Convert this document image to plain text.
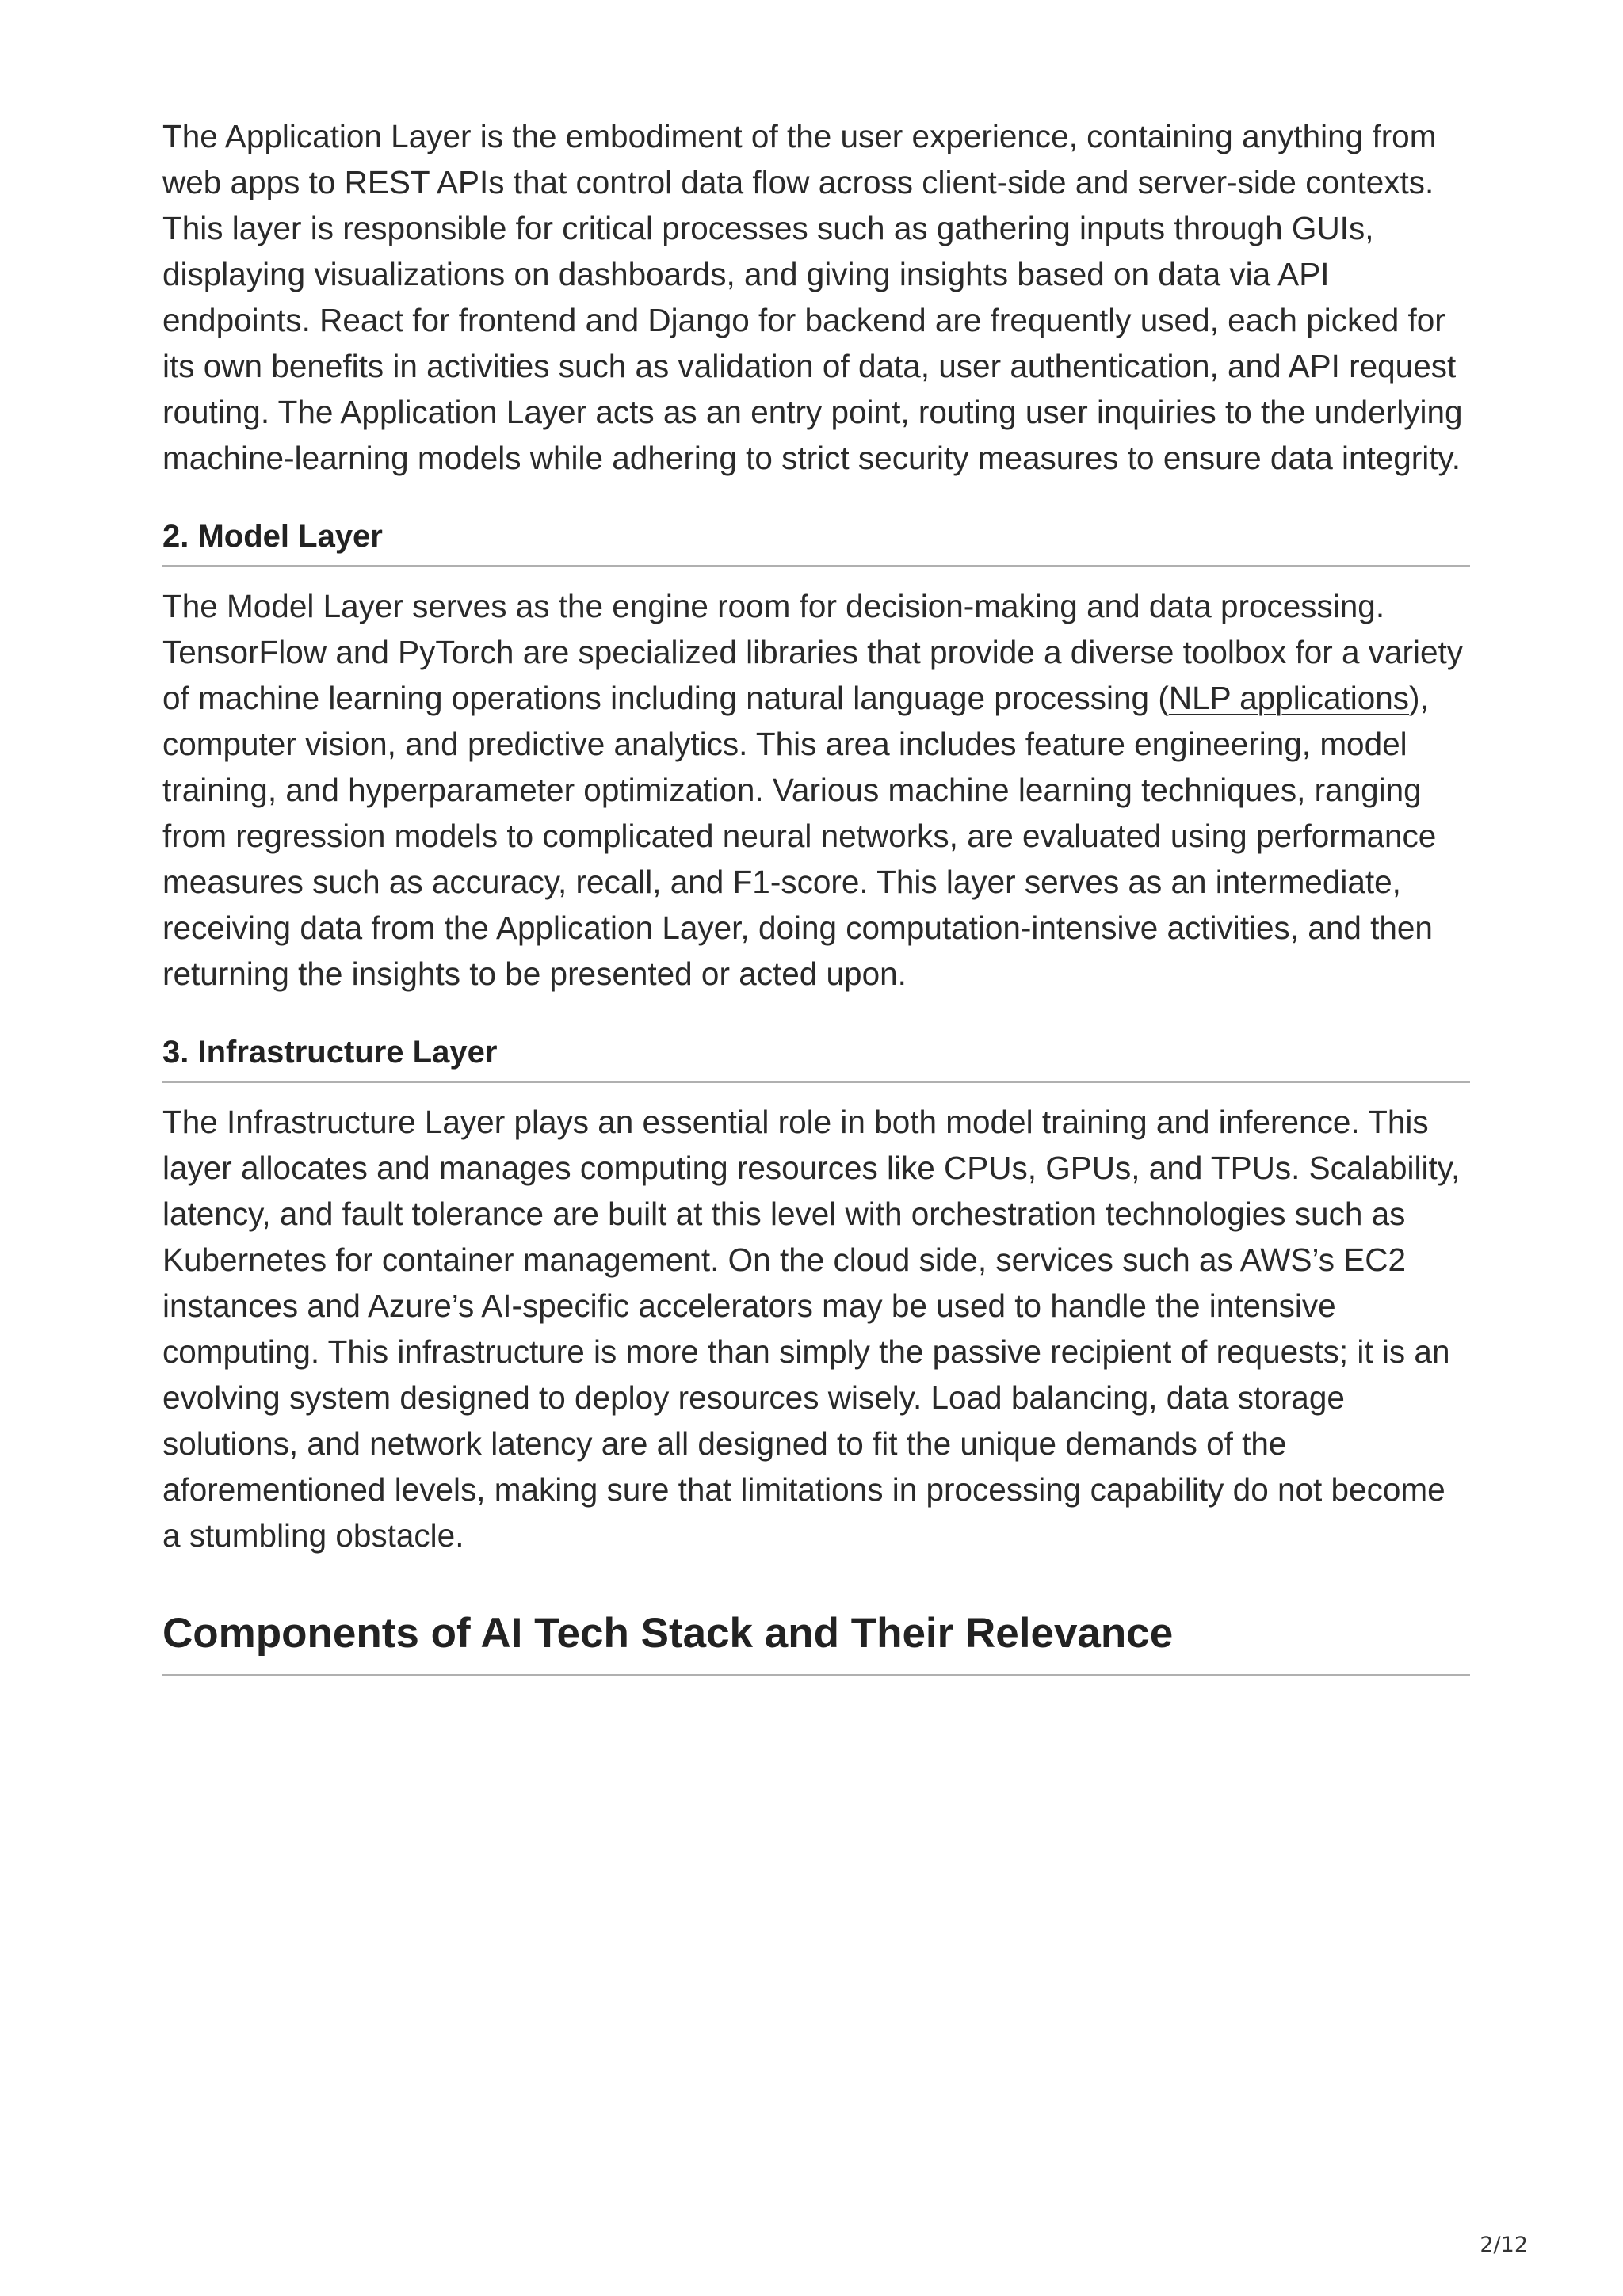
The Application Layer is the embodiment of the user experience, containing anything from web apps to REST APIs that control data flow across client-side and server-side contexts. This layer is responsible for critical processes such as gathering inputs through GUIs, displaying visualizations on dashboards, and giving insights based on data via API endpoints. React for frontend and Django for backend are frequently used, each picked for its own benefits in activities such as validation of data, user authentication, and API request routing. The Application Layer acts as an entry point, routing user inquiries to the underlying machine-learning models while adhering to strict security measures to ensure data integrity.

2. Model Layer

The Model Layer serves as the engine room for decision-making and data processing. TensorFlow and PyTorch are specialized libraries that provide a diverse toolbox for a variety of machine learning operations including natural language processing (NLP applications), computer vision, and predictive analytics. This area includes feature engineering, model training, and hyperparameter optimization. Various machine learning techniques, ranging from regression models to complicated neural networks, are evaluated using performance measures such as accuracy, recall, and F1-score. This layer serves as an intermediate, receiving data from the Application Layer, doing computation-intensive activities, and then returning the insights to be presented or acted upon.

3. Infrastructure Layer

The Infrastructure Layer plays an essential role in both model training and inference. This layer allocates and manages computing resources like CPUs, GPUs, and TPUs. Scalability, latency, and fault tolerance are built at this level with orchestration technologies such as Kubernetes for container management. On the cloud side, services such as AWS’s EC2 instances and Azure’s AI-specific accelerators may be used to handle the intensive computing. This infrastructure is more than simply the passive recipient of requests; it is an evolving system designed to deploy resources wisely. Load balancing, data storage solutions, and network latency are all designed to fit the unique demands of the aforementioned levels, making sure that limitations in processing capability do not become a stumbling obstacle.

Components of AI Tech Stack and Their Relevance
2/12
